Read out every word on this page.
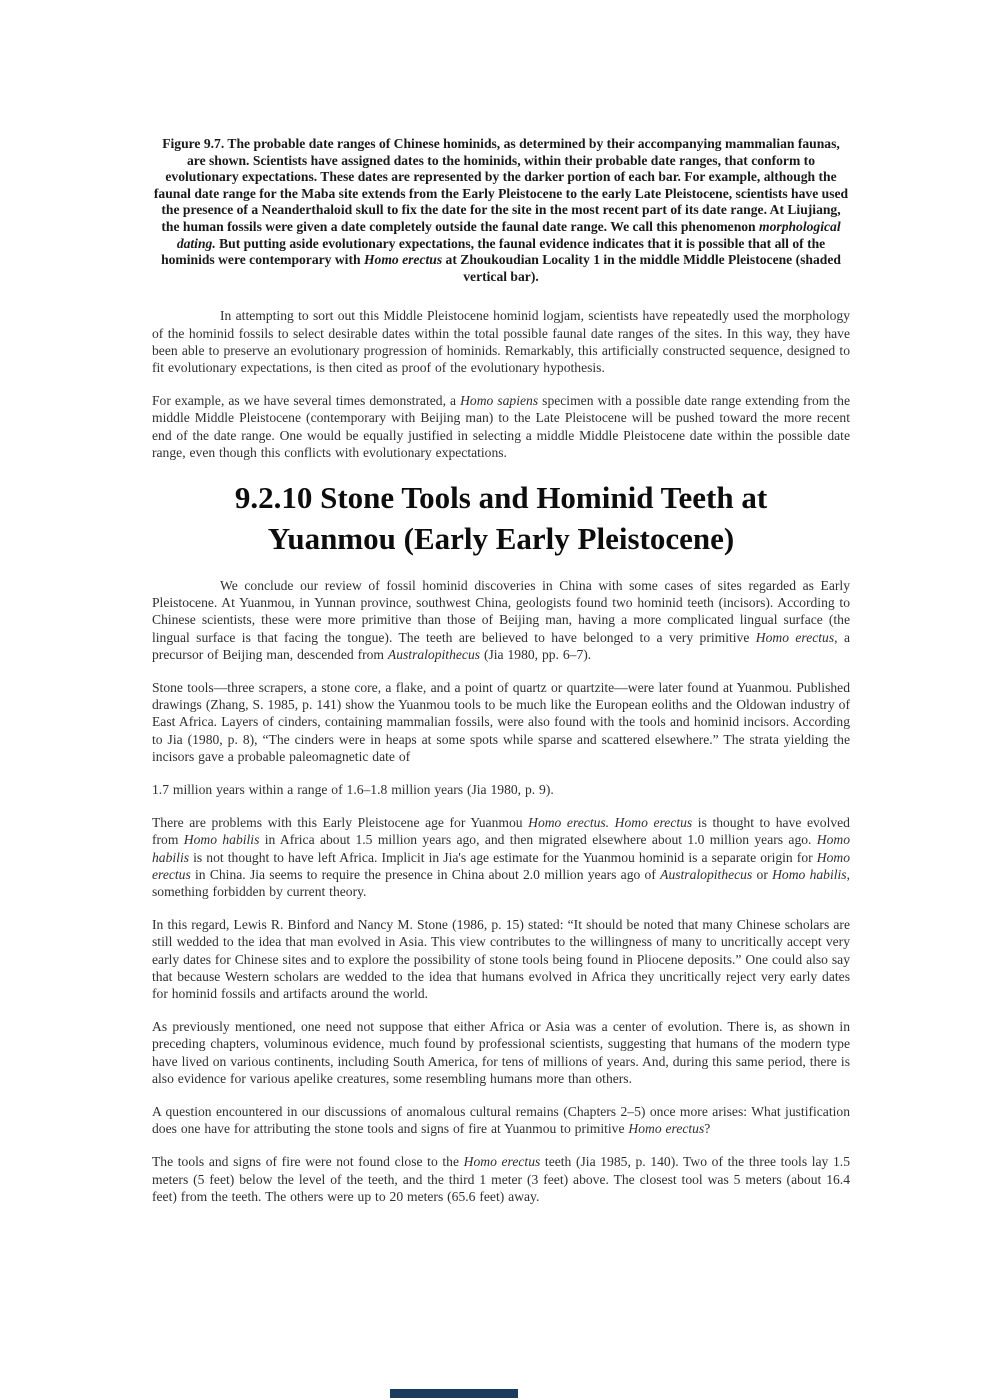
Figure 9.7. The probable date ranges of Chinese hominids, as determined by their accompanying mammalian faunas, are shown. Scientists have assigned dates to the hominids, within their probable date ranges, that conform to evolutionary expectations. These dates are represented by the darker portion of each bar. For example, although the faunal date range for the Maba site extends from the Early Pleistocene to the early Late Pleistocene, scientists have used the presence of a Neanderthaloid skull to fix the date for the site in the most recent part of its date range. At Liujiang, the human fossils were given a date completely outside the faunal date range. We call this phenomenon morphological dating. But putting aside evolutionary expectations, the faunal evidence indicates that it is possible that all of the hominids were contemporary with Homo erectus at Zhoukoudian Locality 1 in the middle Middle Pleistocene (shaded vertical bar).
In attempting to sort out this Middle Pleistocene hominid logjam, scientists have repeatedly used the morphology of the hominid fossils to select desirable dates within the total possible faunal date ranges of the sites. In this way, they have been able to preserve an evolutionary progression of hominids. Remarkably, this artificially constructed sequence, designed to fit evolutionary expectations, is then cited as proof of the evolutionary hypothesis.
For example, as we have several times demonstrated, a Homo sapiens specimen with a possible date range extending from the middle Middle Pleistocene (contemporary with Beijing man) to the Late Pleistocene will be pushed toward the more recent end of the date range. One would be equally justified in selecting a middle Middle Pleistocene date within the possible date range, even though this conflicts with evolutionary expectations.
9.2.10 Stone Tools and Hominid Teeth at
Yuanmou (Early Early Pleistocene)
We conclude our review of fossil hominid discoveries in China with some cases of sites regarded as Early Pleistocene. At Yuanmou, in Yunnan province, southwest China, geologists found two hominid teeth (incisors). According to Chinese scientists, these were more primitive than those of Beijing man, having a more complicated lingual surface (the lingual surface is that facing the tongue). The teeth are believed to have belonged to a very primitive Homo erectus, a precursor of Beijing man, descended from Australopithecus (Jia 1980, pp. 6–7).
Stone tools—three scrapers, a stone core, a flake, and a point of quartz or quartzite—were later found at Yuanmou. Published drawings (Zhang, S. 1985, p. 141) show the Yuanmou tools to be much like the European eoliths and the Oldowan industry of East Africa. Layers of cinders, containing mammalian fossils, were also found with the tools and hominid incisors. According to Jia (1980, p. 8), “The cinders were in heaps at some spots while sparse and scattered elsewhere.” The strata yielding the incisors gave a probable paleomagnetic date of
1.7 million years within a range of 1.6–1.8 million years (Jia 1980, p. 9).
There are problems with this Early Pleistocene age for Yuanmou Homo erectus. Homo erectus is thought to have evolved from Homo habilis in Africa about 1.5 million years ago, and then migrated elsewhere about 1.0 million years ago. Homo habilis is not thought to have left Africa. Implicit in Jia's age estimate for the Yuanmou hominid is a separate origin for Homo erectus in China. Jia seems to require the presence in China about 2.0 million years ago of Australopithecus or Homo habilis, something forbidden by current theory.
In this regard, Lewis R. Binford and Nancy M. Stone (1986, p. 15) stated: “It should be noted that many Chinese scholars are still wedded to the idea that man evolved in Asia. This view contributes to the willingness of many to uncritically accept very early dates for Chinese sites and to explore the possibility of stone tools being found in Pliocene deposits.” One could also say that because Western scholars are wedded to the idea that humans evolved in Africa they uncritically reject very early dates for hominid fossils and artifacts around the world.
As previously mentioned, one need not suppose that either Africa or Asia was a center of evolution. There is, as shown in preceding chapters, voluminous evidence, much found by professional scientists, suggesting that humans of the modern type have lived on various continents, including South America, for tens of millions of years. And, during this same period, there is also evidence for various apelike creatures, some resembling humans more than others.
A question encountered in our discussions of anomalous cultural remains (Chapters 2–5) once more arises: What justification does one have for attributing the stone tools and signs of fire at Yuanmou to primitive Homo erectus?
The tools and signs of fire were not found close to the Homo erectus teeth (Jia 1985, p. 140). Two of the three tools lay 1.5 meters (5 feet) below the level of the teeth, and the third 1 meter (3 feet) above. The closest tool was 5 meters (about 16.4 feet) from the teeth. The others were up to 20 meters (65.6 feet) away.
